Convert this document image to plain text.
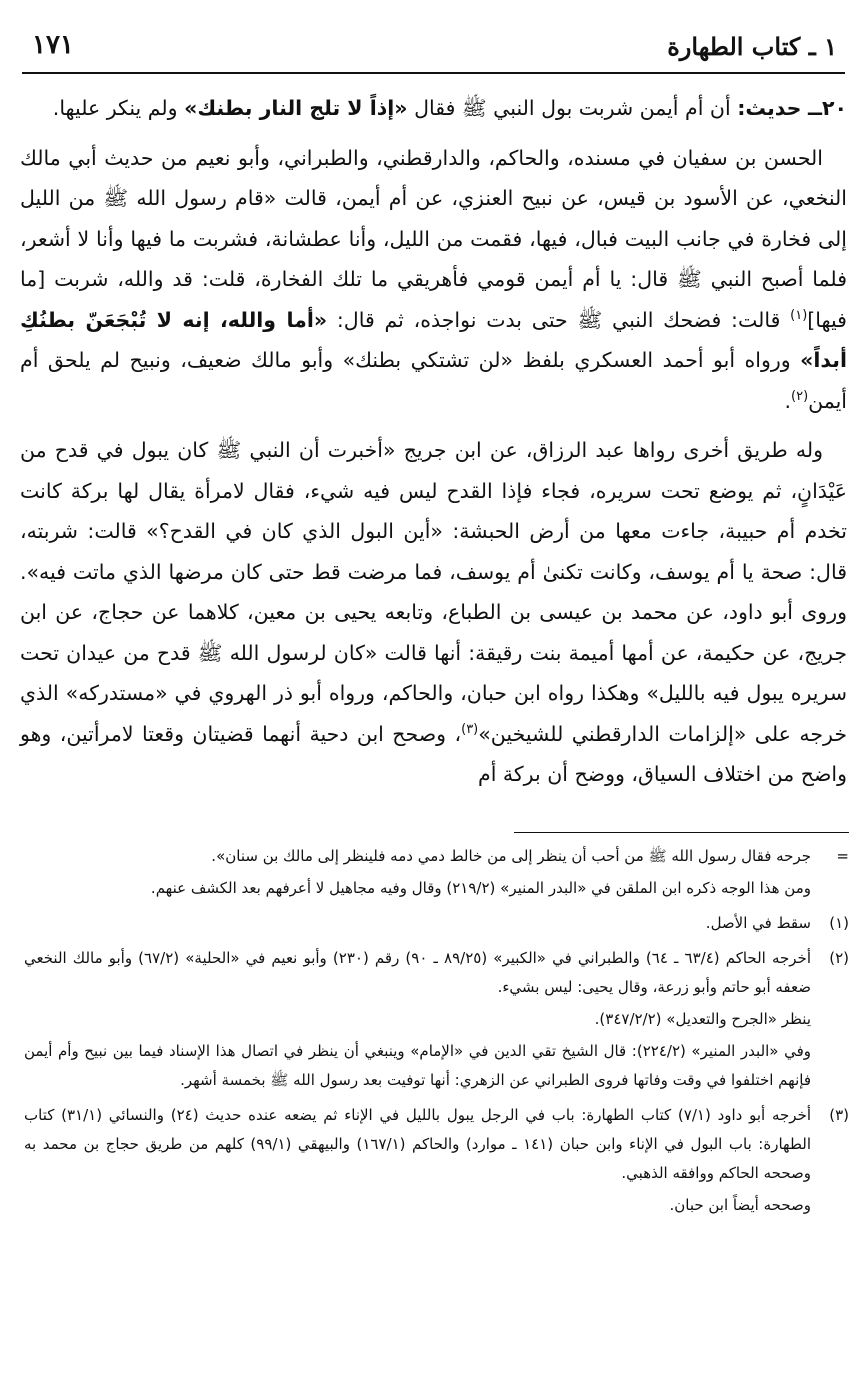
١ ـ كتاب الطهارة
١٧١

٢٠ــ حديث: أن أم أيمن شربت بول النبي ﷺ فقال «إذاً لا تلج النار بطنك» ولم ينكر عليها.

الحسن بن سفيان في مسنده، والحاكم، والدارقطني، والطبراني، وأبو نعيم من حديث أبي مالك النخعي، عن الأسود بن قيس، عن نبيح العنزي، عن أم أيمن، قالت «قام رسول الله ﷺ من الليل إلى فخارة في جانب البيت فبال، فيها، فقمت من الليل، وأنا عطشانة، فشربت ما فيها وأنا لا أشعر، فلما أصبح النبي ﷺ قال: يا أم أيمن قومي فأهريقي ما تلك الفخارة، قلت: قد والله، شربت [ما فيها]$^{(١)}$ قالت: فضحك النبي ﷺ حتى بدت نواجذه، ثم قال: «أما والله، إنه لا تُبْجَعَنّ بطنُكِ أبداً» ورواه أبو أحمد العسكري بلفظ «لن تشتكي بطنك» وأبو مالك ضعيف، ونبيح لم يلحق أم أيمن$^{(٢)}$.

وله طريق أخرى رواها عبد الرزاق، عن ابن جريج «أخبرت أن النبي ﷺ كان يبول في قدح من عَيْدَانٍ، ثم يوضع تحت سريره، فجاء فإذا القدح ليس فيه شيء، فقال لامرأة يقال لها بركة كانت تخدم أم حبيبة، جاءت معها من أرض الحبشة: «أين البول الذي كان في القدح؟» قالت: شربته، قال: صحة يا أم يوسف، وكانت تكنىٰ أم يوسف، فما مرضت قط حتى كان مرضها الذي ماتت فيه». وروى أبو داود، عن محمد بن عيسى بن الطباع، وتابعه يحيى بن معين، كلاهما عن حجاج، عن ابن جريج، عن حكيمة، عن أمها أميمة بنت رقيقة: أنها قالت «كان لرسول الله ﷺ قدح من عيدان تحت سريره يبول فيه بالليل» وهكذا رواه ابن حبان، والحاكم، ورواه أبو ذر الهروي في «مستدركه» الذي خرجه على «إلزامات الدارقطني للشيخين»$^{(٣)}$، وصحح ابن دحية أنهما قضيتان وقعتا لامرأتين، وهو واضح من اختلاف السياق، ووضح أن بركة أم

=

جرحه فقال رسول الله ﷺ من أحب أن ينظر إلى من خالط دمي دمه فلينظر إلى مالك بن سنان».

ومن هذا الوجه ذكره ابن الملقن في «البدر المنير» (٢١٩/٢) وقال وفيه مجاهيل لا أعرفهم بعد الكشف عنهم.

(١)

سقط في الأصل.

(٢)

أخرجه الحاكم (٦٣/٤ ـ ٦٤) والطبراني في «الكبير» (٨٩/٢٥ ـ ٩٠) رقم (٢٣٠) وأبو نعيم في «الحلية» (٦٧/٢) وأبو مالك النخعي ضعفه أبو حاتم وأبو زرعة، وقال يحيى: ليس بشيء.

ينظر «الجرح والتعديل» (٣٤٧/٢/٢).

وفي «البدر المنير» (٢٢٤/٢): قال الشيخ تقي الدين في «الإمام» وينبغي أن ينظر في اتصال هذا الإسناد فيما بين نبيح وأم أيمن فإنهم اختلفوا في وقت وفاتها فروى الطبراني عن الزهري: أنها توفيت بعد رسول الله ﷺ بخمسة أشهر.

(٣)

أخرجه أبو داود (٧/١) كتاب الطهارة: باب في الرجل يبول بالليل في الإناء ثم يضعه عنده حديث (٢٤) والنسائي (٣١/١) كتاب الطهارة: باب البول في الإناء وابن حبان (١٤١ ـ موارد) والحاكم (١٦٧/١) والبيهقي (٩٩/١) كلهم من طريق حجاج بن محمد به وصححه الحاكم ووافقه الذهبي.

وصححه أيضاً ابن حبان.
